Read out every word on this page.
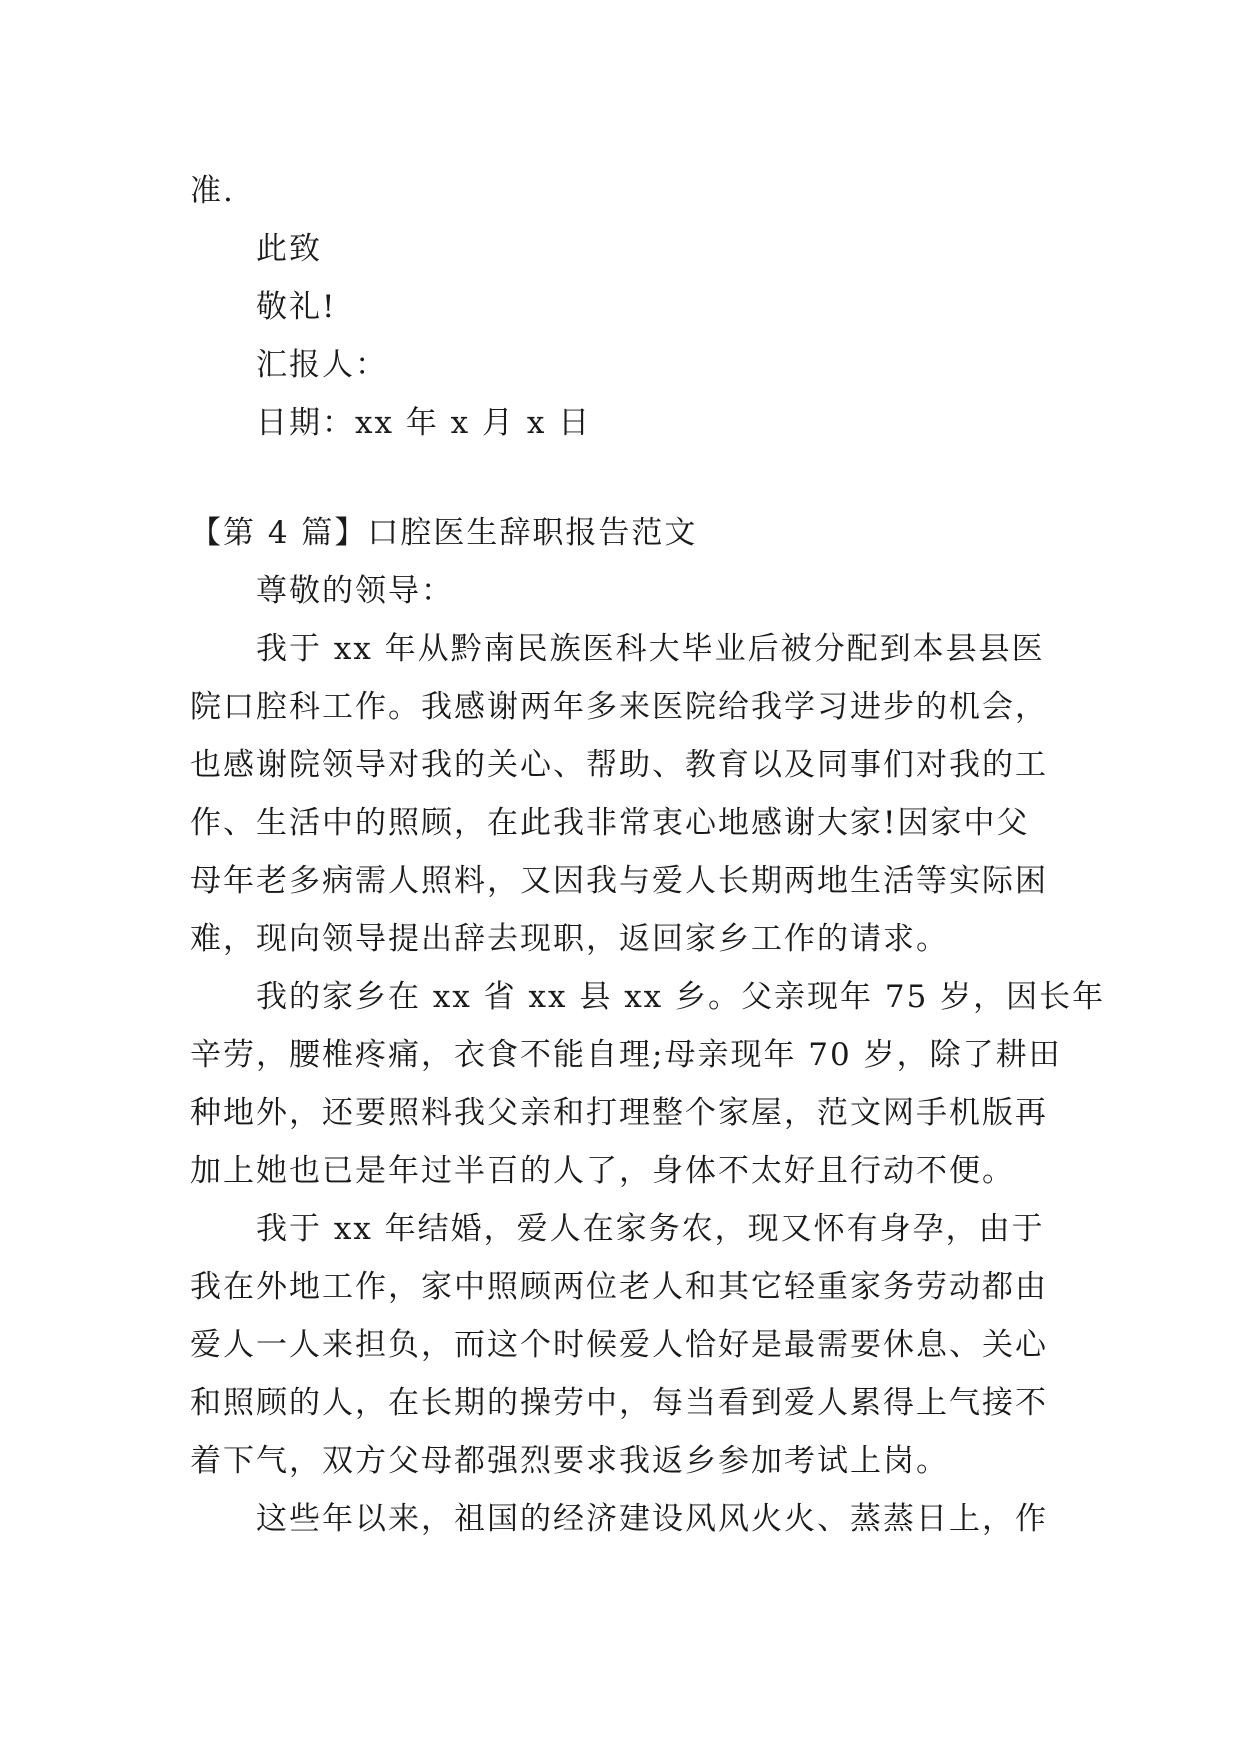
准.
此致
敬礼!
汇报人：
日期：xx 年 x 月 x 日
【第 4 篇】口腔医生辞职报告范文
尊敬的领导：
我于 xx 年从黔南民族医科大毕业后被分配到本县县医
院口腔科工作。我感谢两年多来医院给我学习进步的机会，
也感谢院领导对我的关心、帮助、教育以及同事们对我的工
作、生活中的照顾，在此我非常衷心地感谢大家!因家中父
母年老多病需人照料，又因我与爱人长期两地生活等实际困
难，现向领导提出辞去现职，返回家乡工作的请求。
我的家乡在 xx 省 xx 县 xx 乡。父亲现年 75 岁，因长年
辛劳，腰椎疼痛，衣食不能自理;母亲现年 70 岁，除了耕田
种地外，还要照料我父亲和打理整个家屋，范文网手机版再
加上她也已是年过半百的人了，身体不太好且行动不便。
我于 xx 年结婚，爱人在家务农，现又怀有身孕，由于
我在外地工作，家中照顾两位老人和其它轻重家务劳动都由
爱人一人来担负，而这个时候爱人恰好是最需要休息、关心
和照顾的人，在长期的操劳中，每当看到爱人累得上气接不
着下气，双方父母都强烈要求我返乡参加考试上岗。
这些年以来，祖国的经济建设风风火火、蒸蒸日上，作
